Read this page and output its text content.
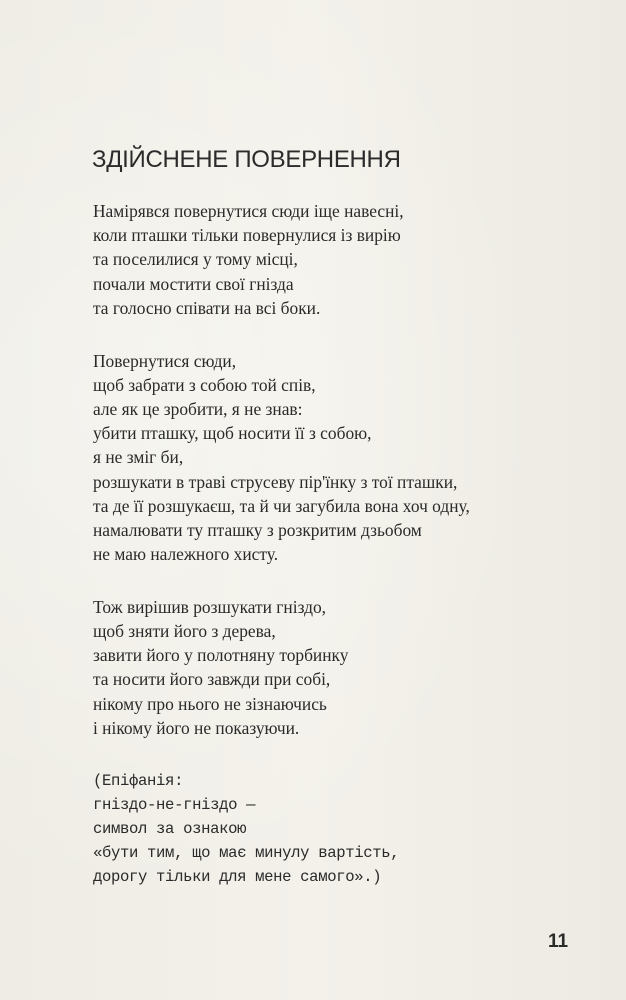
ЗДІЙСНЕНЕ ПОВЕРНЕННЯ

Намірявся повернутися сюди іще навесні,
коли пташки тільки повернулися із вирію
та поселилися у тому місці,
почали мостити свої гнізда
та голосно співати на всі боки.

Повернутися сюди,
щоб забрати з собою той спів,
але як це зробити, я не знав:
убити пташку, щоб носити її з собою,
я не зміг би,
розшукати в траві струсеву пір'їнку з тої пташки,
та де її розшукаєш, та й чи загубила вона хоч одну,
намалювати ту пташку з розкритим дзьобом
не маю належного хисту.

Тож вирішив розшукати гніздо,
щоб зняти його з дерева,
завити його у полотняну торбинку
та носити його завжди при собі,
нікому про нього не зізнаючись
і нікому його не показуючи.

(Епіфанія:
гніздо-не-гніздо —
символ за ознакою
«бути тим, що має минулу вартість,
дорогу тільки для мене самого».)

11
